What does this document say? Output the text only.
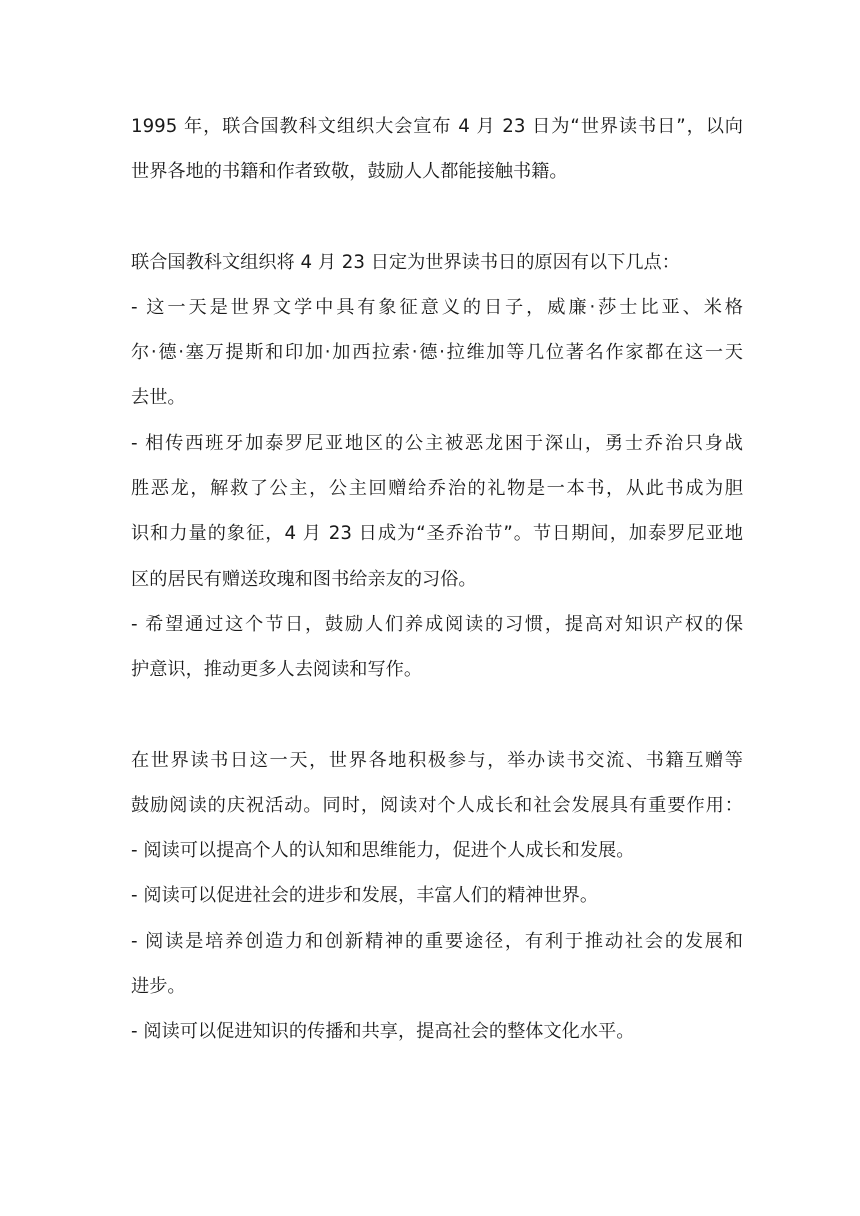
1995 年，联合国教科文组织大会宣布 4 月 23 日为“世界读书日”，以向
世界各地的书籍和作者致敬，鼓励人人都能接触书籍。
联合国教科文组织将 4 月 23 日定为世界读书日的原因有以下几点：
- 这一天是世界文学中具有象征意义的日子，威廉·莎士比亚、米格
尔·德·塞万提斯和印加·加西拉索·德·拉维加等几位著名作家都在这一天
去世。
- 相传西班牙加泰罗尼亚地区的公主被恶龙困于深山，勇士乔治只身战
胜恶龙，解救了公主，公主回赠给乔治的礼物是一本书，从此书成为胆
识和力量的象征，4 月 23 日成为“圣乔治节”。节日期间，加泰罗尼亚地
区的居民有赠送玫瑰和图书给亲友的习俗。
- 希望通过这个节日，鼓励人们养成阅读的习惯，提高对知识产权的保
护意识，推动更多人去阅读和写作。
在世界读书日这一天，世界各地积极参与，举办读书交流、书籍互赠等
鼓励阅读的庆祝活动。同时，阅读对个人成长和社会发展具有重要作用：
- 阅读可以提高个人的认知和思维能力，促进个人成长和发展。
- 阅读可以促进社会的进步和发展，丰富人们的精神世界。
- 阅读是培养创造力和创新精神的重要途径，有利于推动社会的发展和
进步。
- 阅读可以促进知识的传播和共享，提高社会的整体文化水平。
